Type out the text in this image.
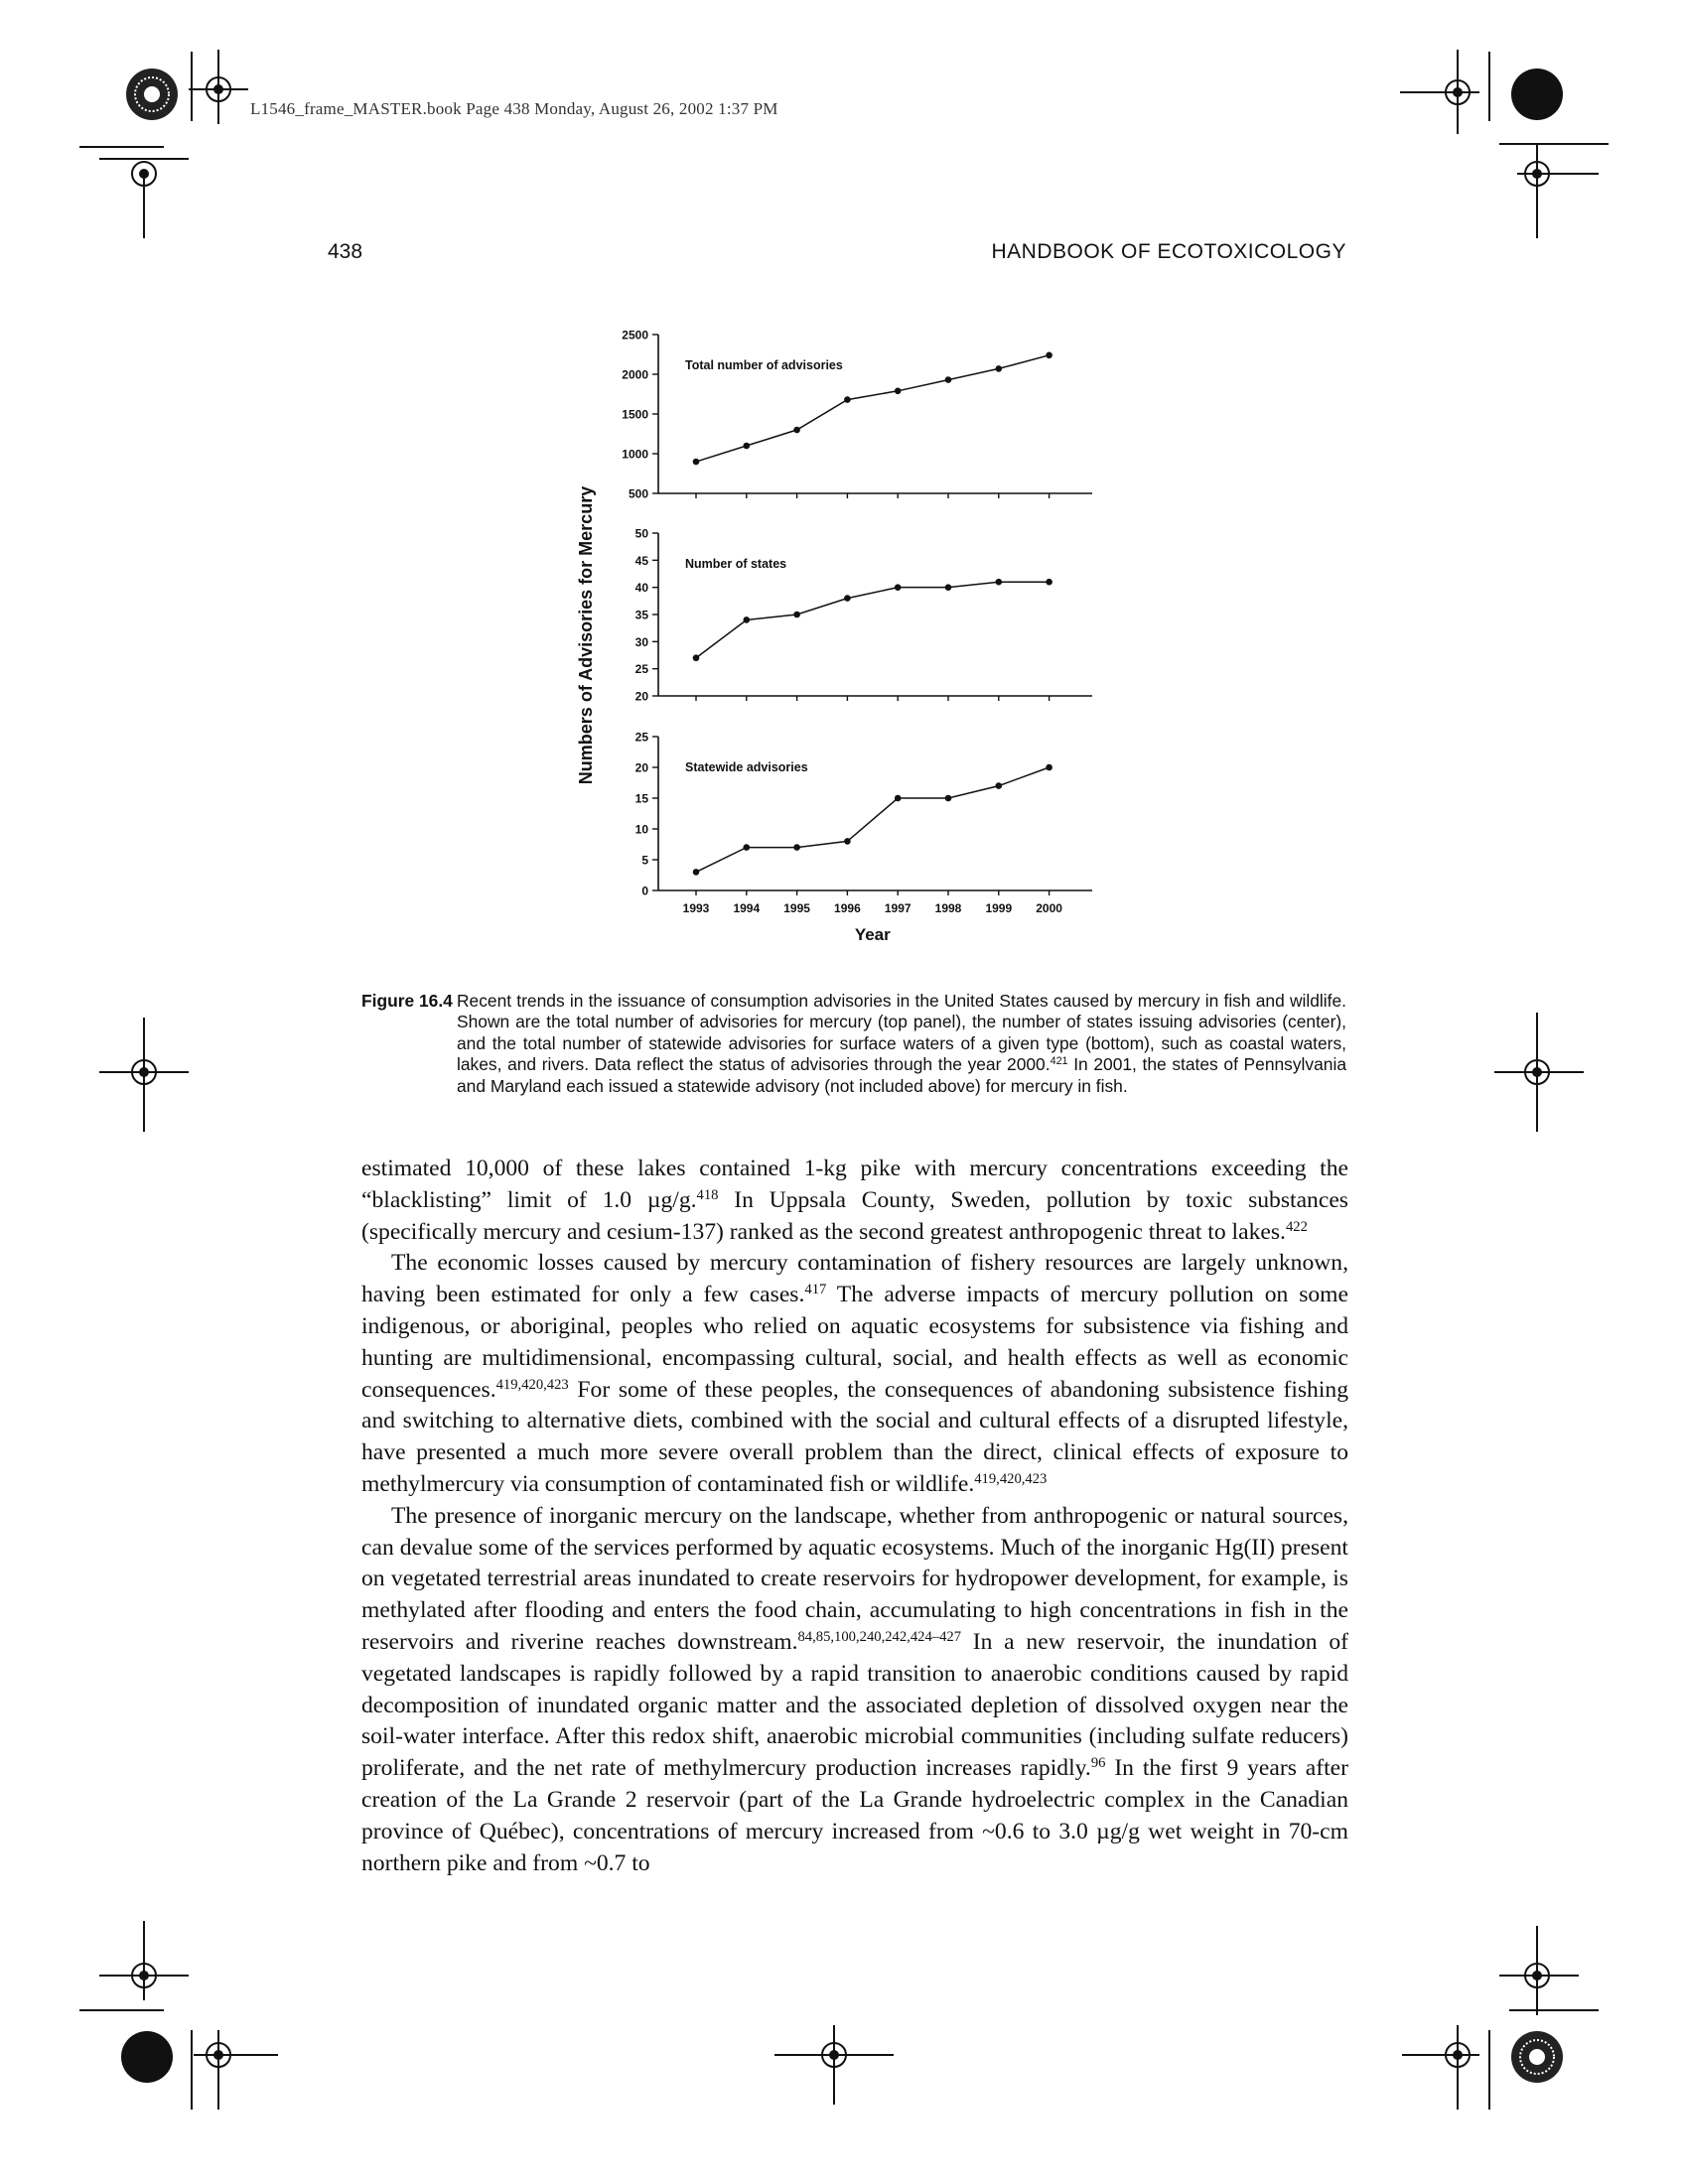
L1546_frame_MASTER.book Page 438 Monday, August 26, 2002 1:37 PM
438	HANDBOOK OF ECOTOXICOLOGY
2500
2000
1500
1000
500
Total number of advisories
50
45
40
35
30
25
20
Number of states
25
20
15
10
5
0
Statewide advisories
1993 1994 1995 1996 1997 1998 1999 2000
Year
Numbers of Advisories for Mercury
Figure 16.4 Recent trends in the issuance of consumption advisories in the United States caused by mercury in fish and wildlife. Shown are the total number of advisories for mercury (top panel), the number of states issuing advisories (center), and the total number of statewide advisories for surface waters of a given type (bottom), such as coastal waters, lakes, and rivers. Data reflect the status of advisories through the year 2000.$^{421}$ In 2001, the states of Pennsylvania and Maryland each issued a statewide advisory (not included above) for mercury in fish.

estimated 10,000 of these lakes contained 1-kg pike with mercury concentrations exceeding the “blacklisting” limit of 1.0 µg/g.$^{418}$ In Uppsala County, Sweden, pollution by toxic substances (specifically mercury and cesium-137) ranked as the second greatest anthropogenic threat to lakes.$^{422}$

The economic losses caused by mercury contamination of fishery resources are largely unknown, having been estimated for only a few cases.$^{417}$ The adverse impacts of mercury pollution on some indigenous, or aboriginal, peoples who relied on aquatic ecosystems for subsistence via fishing and hunting are multidimensional, encompassing cultural, social, and health effects as well as economic consequences.$^{419,420,423}$ For some of these peoples, the consequences of abandoning subsistence fishing and switching to alternative diets, combined with the social and cultural effects of a disrupted lifestyle, have presented a much more severe overall problem than the direct, clinical effects of exposure to methylmercury via consumption of contaminated fish or wildlife.$^{419,420,423}$

The presence of inorganic mercury on the landscape, whether from anthropogenic or natural sources, can devalue some of the services performed by aquatic ecosystems. Much of the inorganic Hg(II) present on vegetated terrestrial areas inundated to create reservoirs for hydropower development, for example, is methylated after flooding and enters the food chain, accumulating to high concentrations in fish in the reservoirs and riverine reaches downstream.$^{84,85,100,240,242,424-427}$ In a new reservoir, the inundation of vegetated landscapes is rapidly followed by a rapid transition to anaerobic conditions caused by rapid decomposition of inundated organic matter and the associated depletion of dissolved oxygen near the soil-water interface. After this redox shift, anaerobic microbial communities (including sulfate reducers) proliferate, and the net rate of methylmercury production increases rapidly.$^{96}$ In the first 9 years after creation of the La Grande 2 reservoir (part of the La Grande hydroelectric complex in the Canadian province of Québec), concentrations of mercury increased from ~0.6 to 3.0 µg/g wet weight in 70-cm northern pike and from ~0.7 to
